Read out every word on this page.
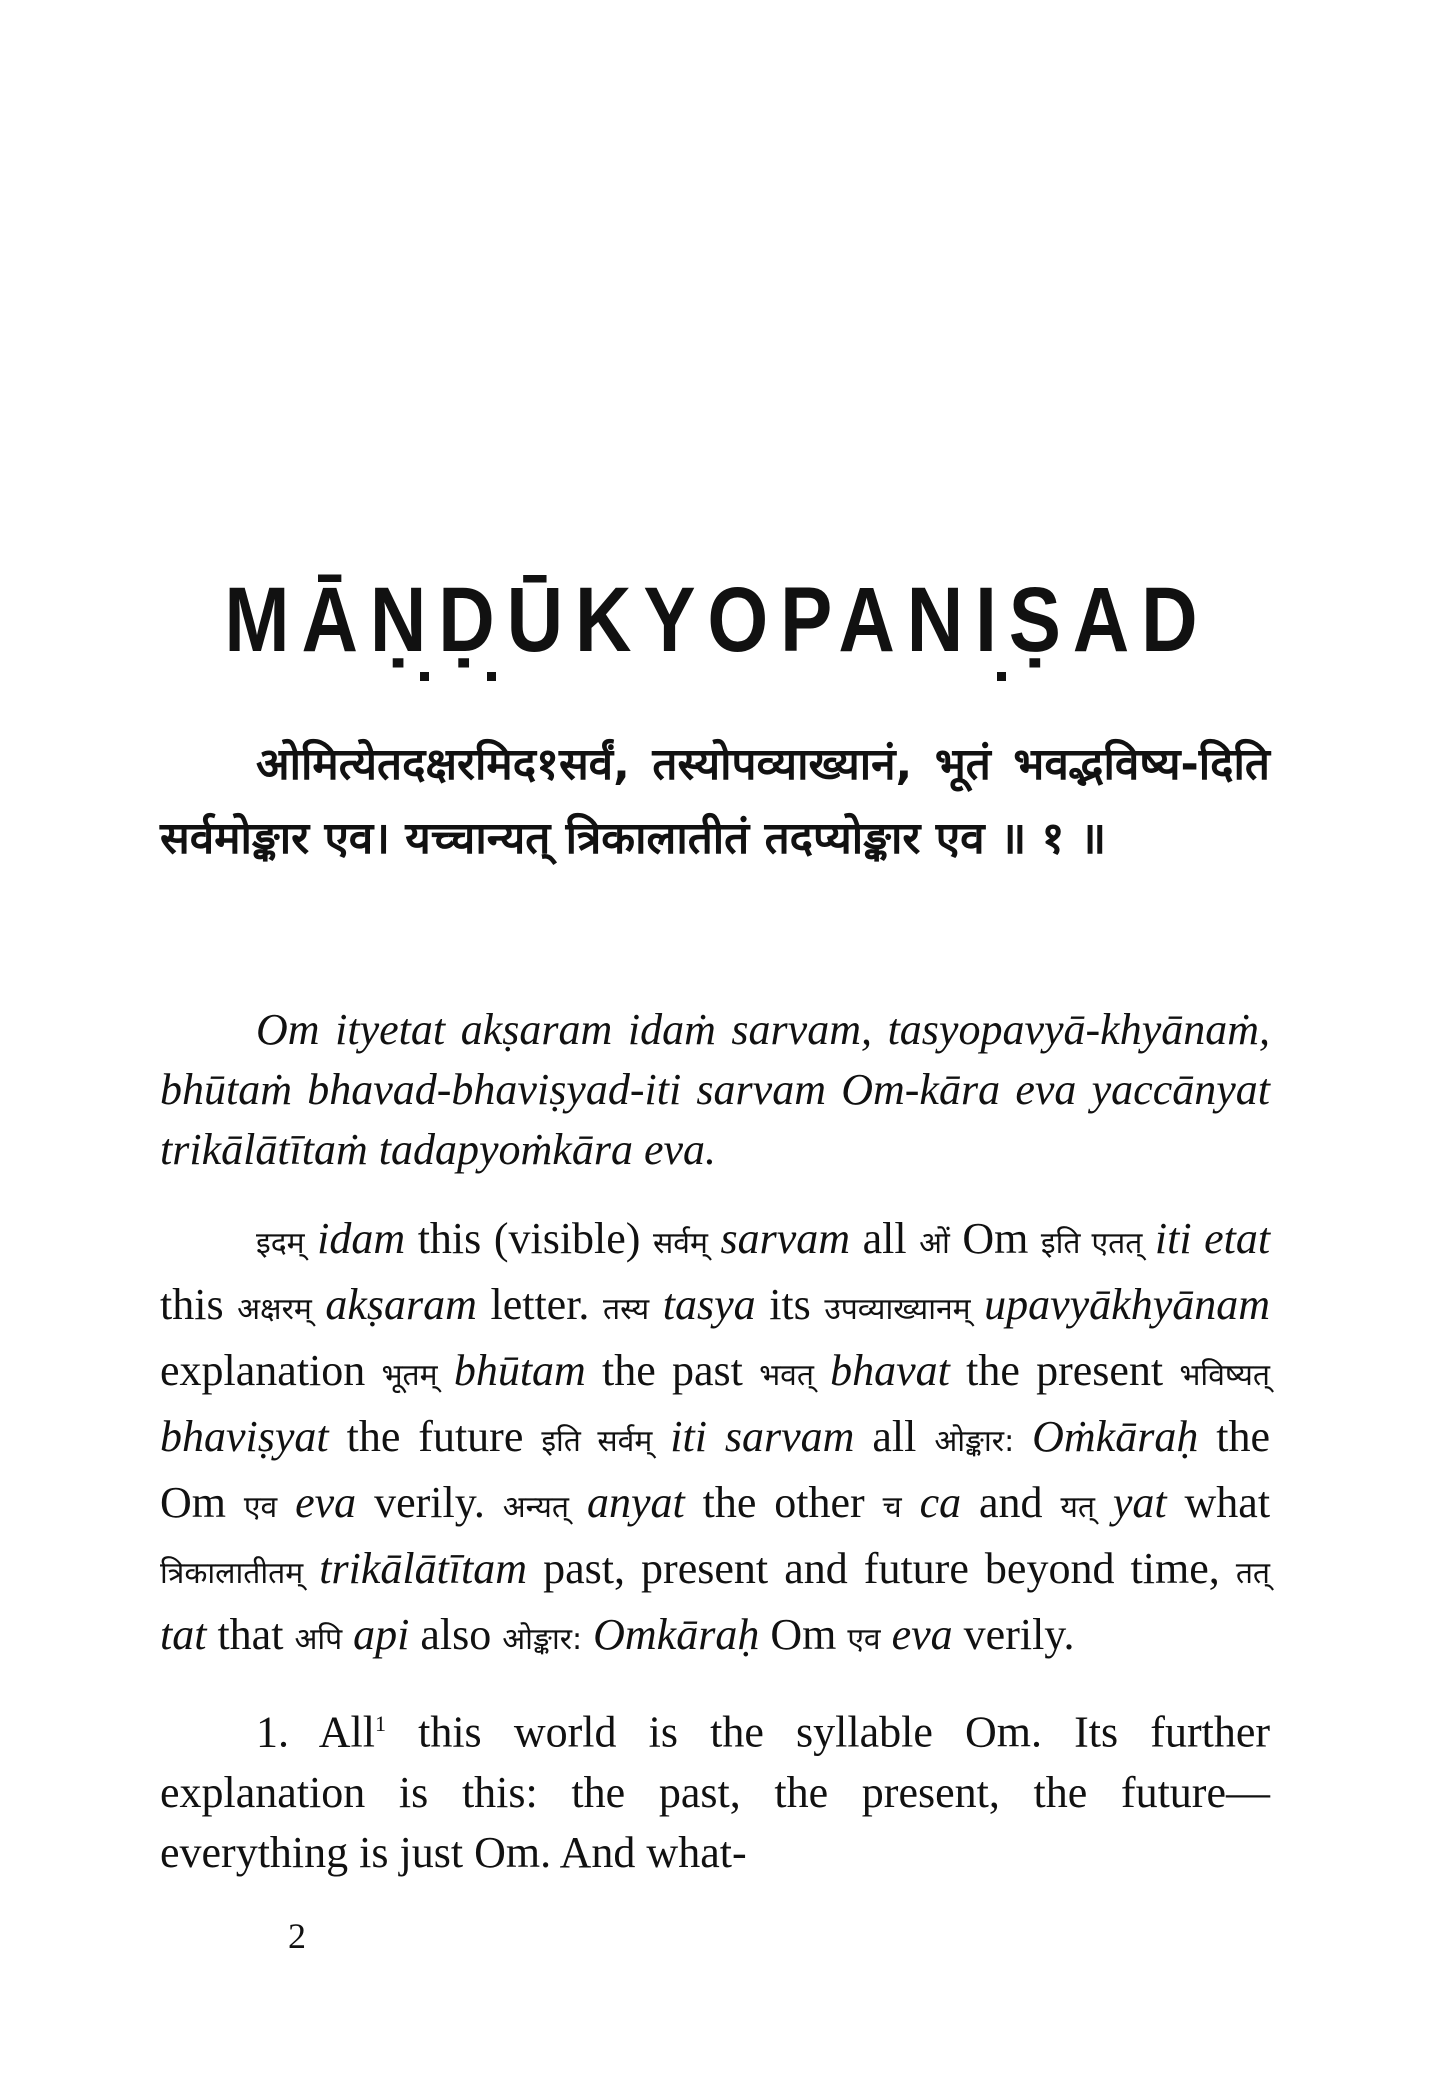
MĀṆḌŪKYOPANIṢAD
ओमित्येतदक्षरमिद१सर्वं, तस्योपव्याख्यानं, भूतं भवद्भविष्य-दिति सर्वमोङ्कार एव। यच्चान्यत् त्रिकालातीतं तदप्योङ्कार एव ॥ १ ॥
Om ityetat akṣaram idaṁ sarvam, tasyopavyā-khyānaṁ, bhūtaṁ bhavad-bhaviṣyad-iti sarvam Om-kāra eva yaccānyat trikālātītaṁ tadapyoṁkāra eva.
इदम् idam this (visible) सर्वम् sarvam all ओं Om इति एतत् iti etat this अक्षरम् akṣaram letter. तस्य tasya its उपव्याख्यानम् upavyākhyānam explanation भूतम् bhūtam the past भवत् bhavat the present भविष्यत् bhaviṣyat the future इति सर्वम् iti sarvam all ओङ्कार: Oṁkāraḥ the Om एव eva verily. अन्यत् anyat the other च ca and यत् yat what त्रिकालातीतम् trikālātītam past, present and future beyond time, तत् tat that अपि api also ओङ्कार: Omkāraḥ Om एव eva verily.
1. All$^1$ this world is the syllable Om. Its further explanation is this: the past, the present, the future—everything is just Om. And what-
2
